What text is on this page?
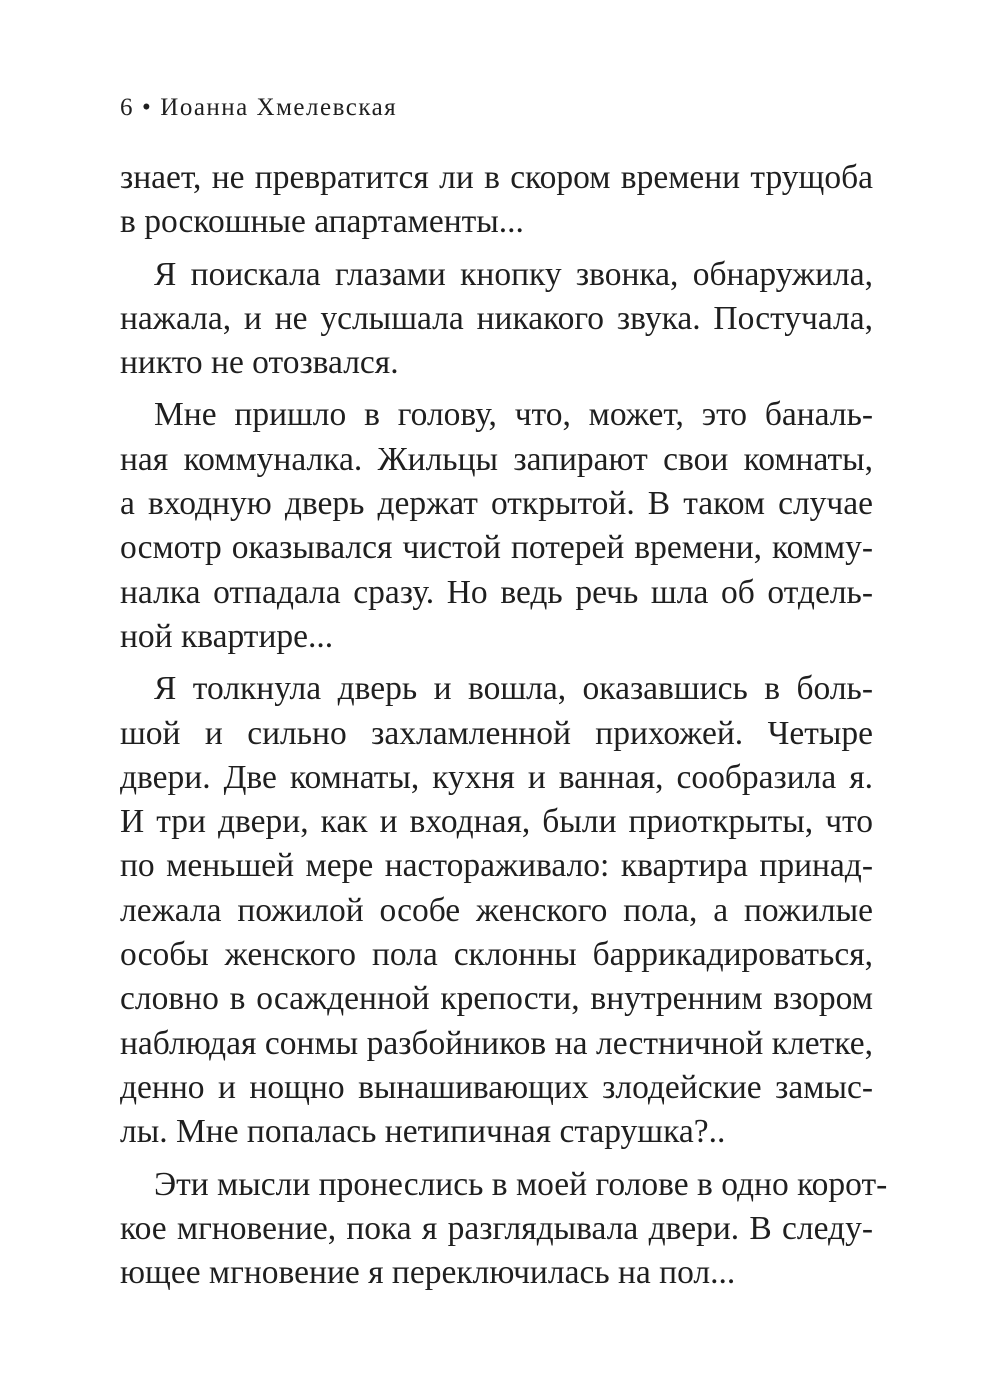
6 • Иоанна Хмелевская
знает, не превратится ли в скором времени трущоба
в роскошные апартаменты...
Я поискала глазами кнопку звонка, обнаружила,
нажала, и не услышала никакого звука. Постучала,
никто не отозвался.
Мне пришло в голову, что, может, это баналь-
ная коммуналка. Жильцы запирают свои комнаты,
а входную дверь держат открытой. В таком случае
осмотр оказывался чистой потерей времени, комму-
налка отпадала сразу. Но ведь речь шла об отдель-
ной квартире...
Я толкнула дверь и вошла, оказавшись в боль-
шой и сильно захламленной прихожей. Четыре
двери. Две комнаты, кухня и ванная, сообразила я.
И три двери, как и входная, были приоткрыты, что
по меньшей мере настораживало: квартира принад-
лежала пожилой особе женского пола, а пожилые
особы женского пола склонны баррикадироваться,
словно в осажденной крепости, внутренним взором
наблюдая сонмы разбойников на лестничной клетке,
денно и нощно вынашивающих злодейские замыс-
лы. Мне попалась нетипичная старушка?..
Эти мысли пронеслись в моей голове в одно корот-
кое мгновение, пока я разглядывала двери. В следу-
ющее мгновение я переключилась на пол...
